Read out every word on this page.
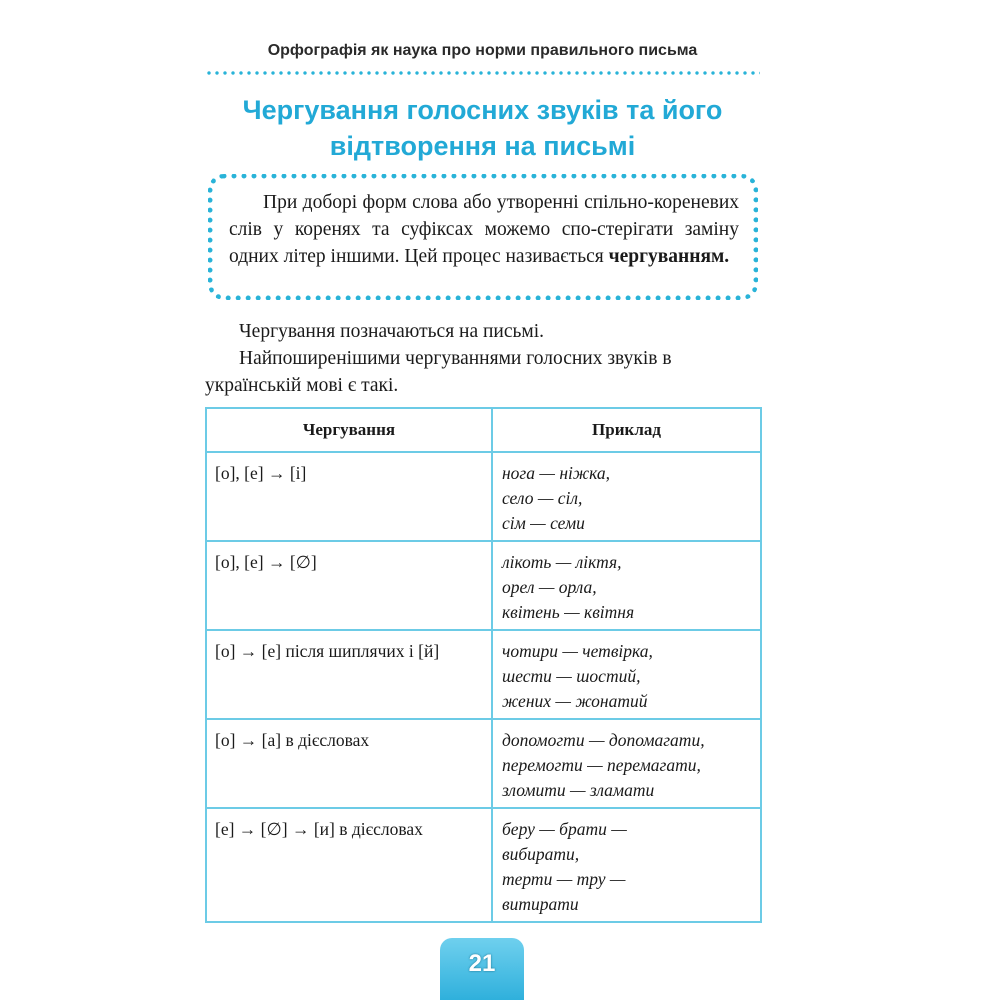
Орфографія як наука про норми правильного письма
Чергування голосних звуків та його
відтворення на письмі
При доборі форм слова або утворенні спільно-кореневих слів у коренях та суфіксах можемо спо-стерігати заміну одних літер іншими. Цей процес називається чергуванням.
Чергування позначаються на письмі.
Найпоширенішими чергуваннями голосних звуків в українській мові є такі.
Чергування	Приклад
[о], [е] → [і]	нога — ніжка,
село — сіл,
сім — семи

[о], [е] → [∅]	лікоть — ліктя,
орел — орла,
квітень — квітня

[о] → [е] після шиплячих і [й]	чотири — четвірка,
шести — шостий,
жених — жонатий

[о] → [а] в дієсловах	допомогти — допомагати,
перемогти — перемагати,
зломити — зламати

[е] → [∅] → [и] в дієсловах	беру — брати —
вибирати,
терти — тру —
витирати
21
